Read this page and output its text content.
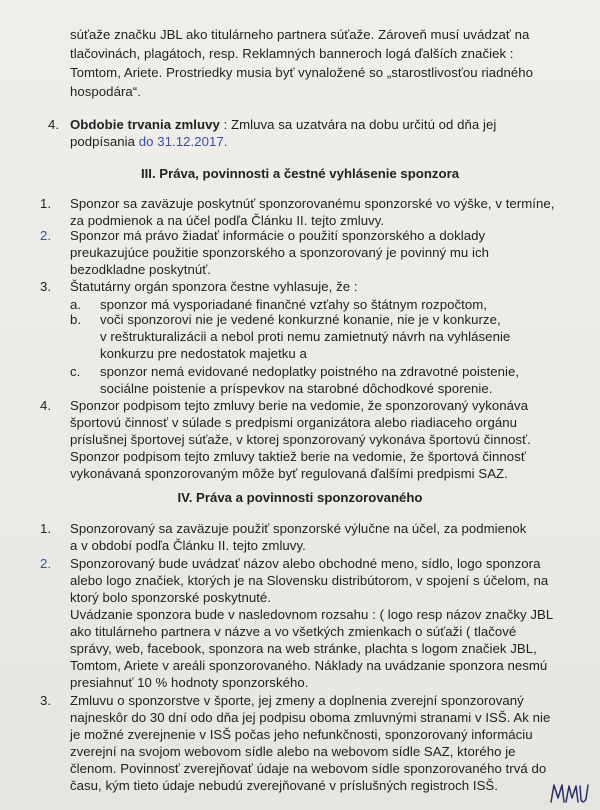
súťaže značku JBL ako titulárneho partnera súťaže. Zároveň musí uvádzať na
tlačovinách, plagátoch, resp. Reklamných banneroch logá ďalších značiek :
Tomtom, Ariete. Prostriedky musia byť vynaložené so „starostlivosťou riadného
hospodára“.
4. Obdobie trvania zmluvy : Zmluva sa uzatvára na dobu určitú od dňa jej
podpísania do 31.12.2017.
III. Práva, povinnosti a čestné vyhlásenie sponzora
1. Sponzor sa zaväzuje poskytnúť sponzorovanému sponzorské vo výške, v termíne,
za podmienok a na účel podľa Článku II. tejto zmluvy.
2. Sponzor má právo žiadať informácie o použití sponzorského a doklady
preukazujúce použitie sponzorského a sponzorovaný je povinný mu ich
bezodkladne poskytnúť.
3. Štatutárny orgán sponzora čestne vyhlasuje, že :
a. sponzor má vysporiadané finančné vzťahy so štátnym rozpočtom,
b. voči sponzorovi nie je vedené konkurzné konanie, nie je v konkurze,
v reštrukturalizácii a nebol proti nemu zamietnutý návrh na vyhlásenie
konkurzu pre nedostatok majetku a
c. sponzor nemá evidované nedoplatky poistného na zdravotné poistenie,
sociálne poistenie a príspevkov na starobné dôchodkové sporenie.
4. Sponzor podpisom tejto zmluvy berie na vedomie, že sponzorovaný vykonáva
športovú činnosť v súlade s predpismi organizátora alebo riadiaceho orgánu
príslušnej športovej súťaže, v ktorej sponzorovaný vykonáva športovú činnosť.
Sponzor podpisom tejto zmluvy taktiež berie na vedomie, že športová činnosť
vykonávaná sponzorovaným môže byť regulovaná ďalšími predpismi SAZ.
IV. Práva a povinnosti sponzorovaného
1. Sponzorovaný sa zaväzuje použiť sponzorské výlučne na účel, za podmienok
a v období podľa Článku II. tejto zmluvy.
2. Sponzorovaný bude uvádzať názov alebo obchodné meno, sídlo, logo sponzora
alebo logo značiek, ktorých je na Slovensku distribútorom, v spojení s účelom, na
ktorý bolo sponzorské poskytnuté.
Uvádzanie sponzora bude v nasledovnom rozsahu : ( logo resp názov značky JBL
ako titulárneho partnera v názve a vo všetkých zmienkach o súťaži ( tlačové
správy, web, facebook, sponzora na web stránke, plachta s logom značiek JBL,
Tomtom, Ariete v areáli sponzorovaného. Náklady na uvádzanie sponzora nesmú
presiahnuť 10 % hodnoty sponzorského.
3. Zmluvu o sponzorstve v športe, jej zmeny a doplnenia zverejní sponzorovaný
najneskôr do 30 dní odo dňa jej podpisu oboma zmluvnými stranami v ISŠ. Ak nie
je možné zverejnenie v ISŠ počas jeho nefunkčnosti, sponzorovaný informáciu
zverejní na svojom webovom sídle alebo na webovom sídle SAZ, ktorého je
členom. Povinnosť zverejňovať údaje na webovom sídle sponzorovaného trvá do
času, kým tieto údaje nebudú zverejňované v príslušných registroch ISŠ.
